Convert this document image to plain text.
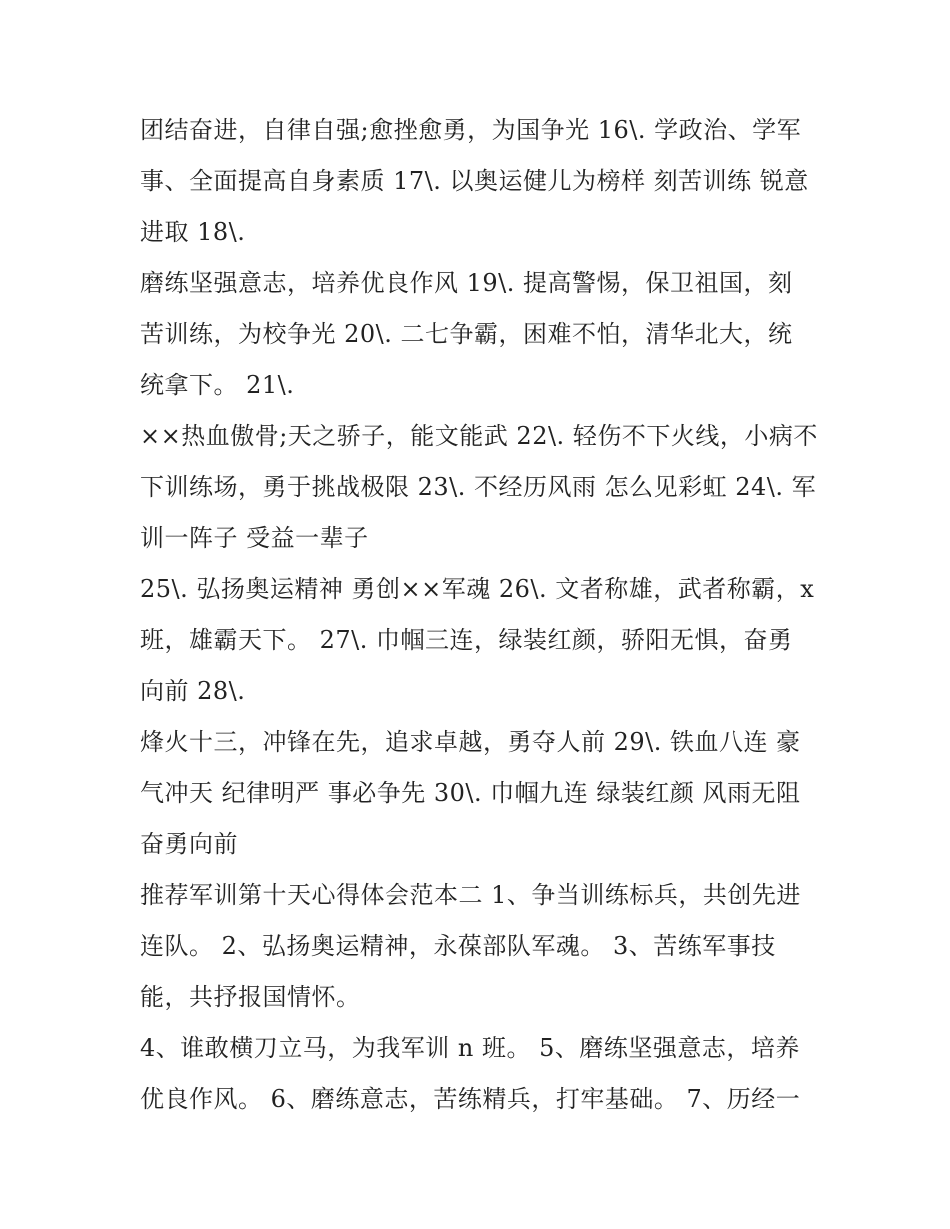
团结奋进，自律自强;愈挫愈勇，为国争光 16\. 学政治、学军
事、全面提高自身素质 17\. 以奥运健儿为榜样 刻苦训练 锐意
进取 18\.

磨练坚强意志，培养优良作风 19\. 提高警惕，保卫祖国，刻
苦训练，为校争光 20\. 二七争霸，困难不怕，清华北大，统
统拿下。 21\.

××热血傲骨;天之骄子，能文能武 22\. 轻伤不下火线，小病不
下训练场，勇于挑战极限 23\. 不经历风雨 怎么见彩虹 24\. 军
训一阵子 受益一辈子

25\. 弘扬奥运精神 勇创××军魂 26\. 文者称雄，武者称霸，x
班，雄霸天下。 27\. 巾帼三连，绿装红颜，骄阳无惧，奋勇
向前 28\.

烽火十三，冲锋在先，追求卓越，勇夺人前 29\. 铁血八连 豪
气冲天 纪律明严 事必争先 30\. 巾帼九连 绿装红颜 风雨无阻
奋勇向前

推荐军训第十天心得体会范本二 1、争当训练标兵，共创先进
连队。 2、弘扬奥运精神，永葆部队军魂。 3、苦练军事技
能，共抒报国情怀。

4、谁敢横刀立马，为我军训 n 班。 5、磨练坚强意志，培养
优良作风。 6、磨练意志，苦练精兵，打牢基础。 7、历经一
